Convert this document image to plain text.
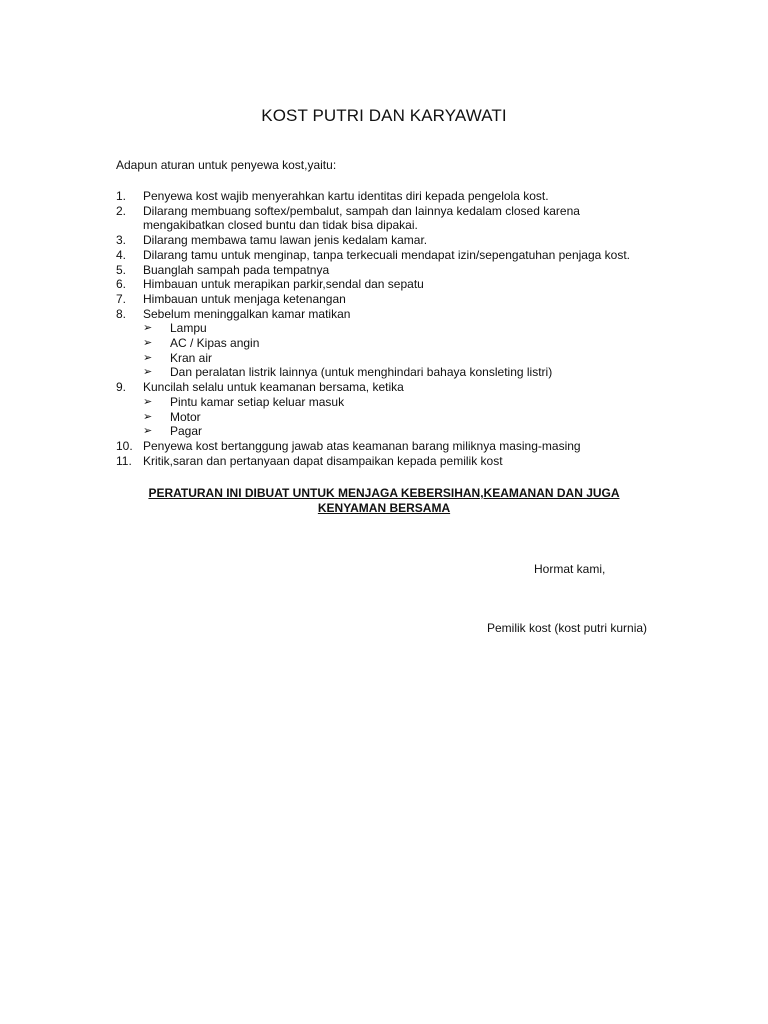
KOST PUTRI DAN KARYAWATI

Adapun aturan untuk penyewa kost,yaitu:

1.	Penyewa kost wajib menyerahkan kartu identitas diri kepada pengelola kost.
2.	Dilarang membuang softex/pembalut, sampah dan lainnya kedalam closed karena mengakibatkan closed buntu dan tidak bisa dipakai.
3.	Dilarang membawa tamu lawan jenis kedalam kamar.
4.	Dilarang tamu untuk menginap, tanpa terkecuali mendapat izin/sepengatuhan penjaga kost.
5.	Buanglah sampah pada tempatnya
6.	Himbauan untuk merapikan parkir,sendal dan sepatu
7.	Himbauan untuk menjaga ketenangan
8.	Sebelum meninggalkan kamar matikan
➢ Lampu
➢ AC / Kipas angin
➢ Kran air
➢ Dan peralatan listrik lainnya (untuk menghindari bahaya konsleting listri)
9.	Kuncilah selalu untuk keamanan bersama, ketika
➢ Pintu kamar setiap keluar masuk
➢ Motor
➢ Pagar
10. Penyewa kost bertanggung jawab atas keamanan barang miliknya masing-masing
11. Kritik,saran dan pertanyaan dapat disampaikan kepada pemilik kost

PERATURAN INI DIBUAT UNTUK MENJAGA KEBERSIHAN,KEAMANAN DAN JUGA KENYAMAN BERSAMA

Hormat kami,

Pemilik kost (kost putri kurnia)
